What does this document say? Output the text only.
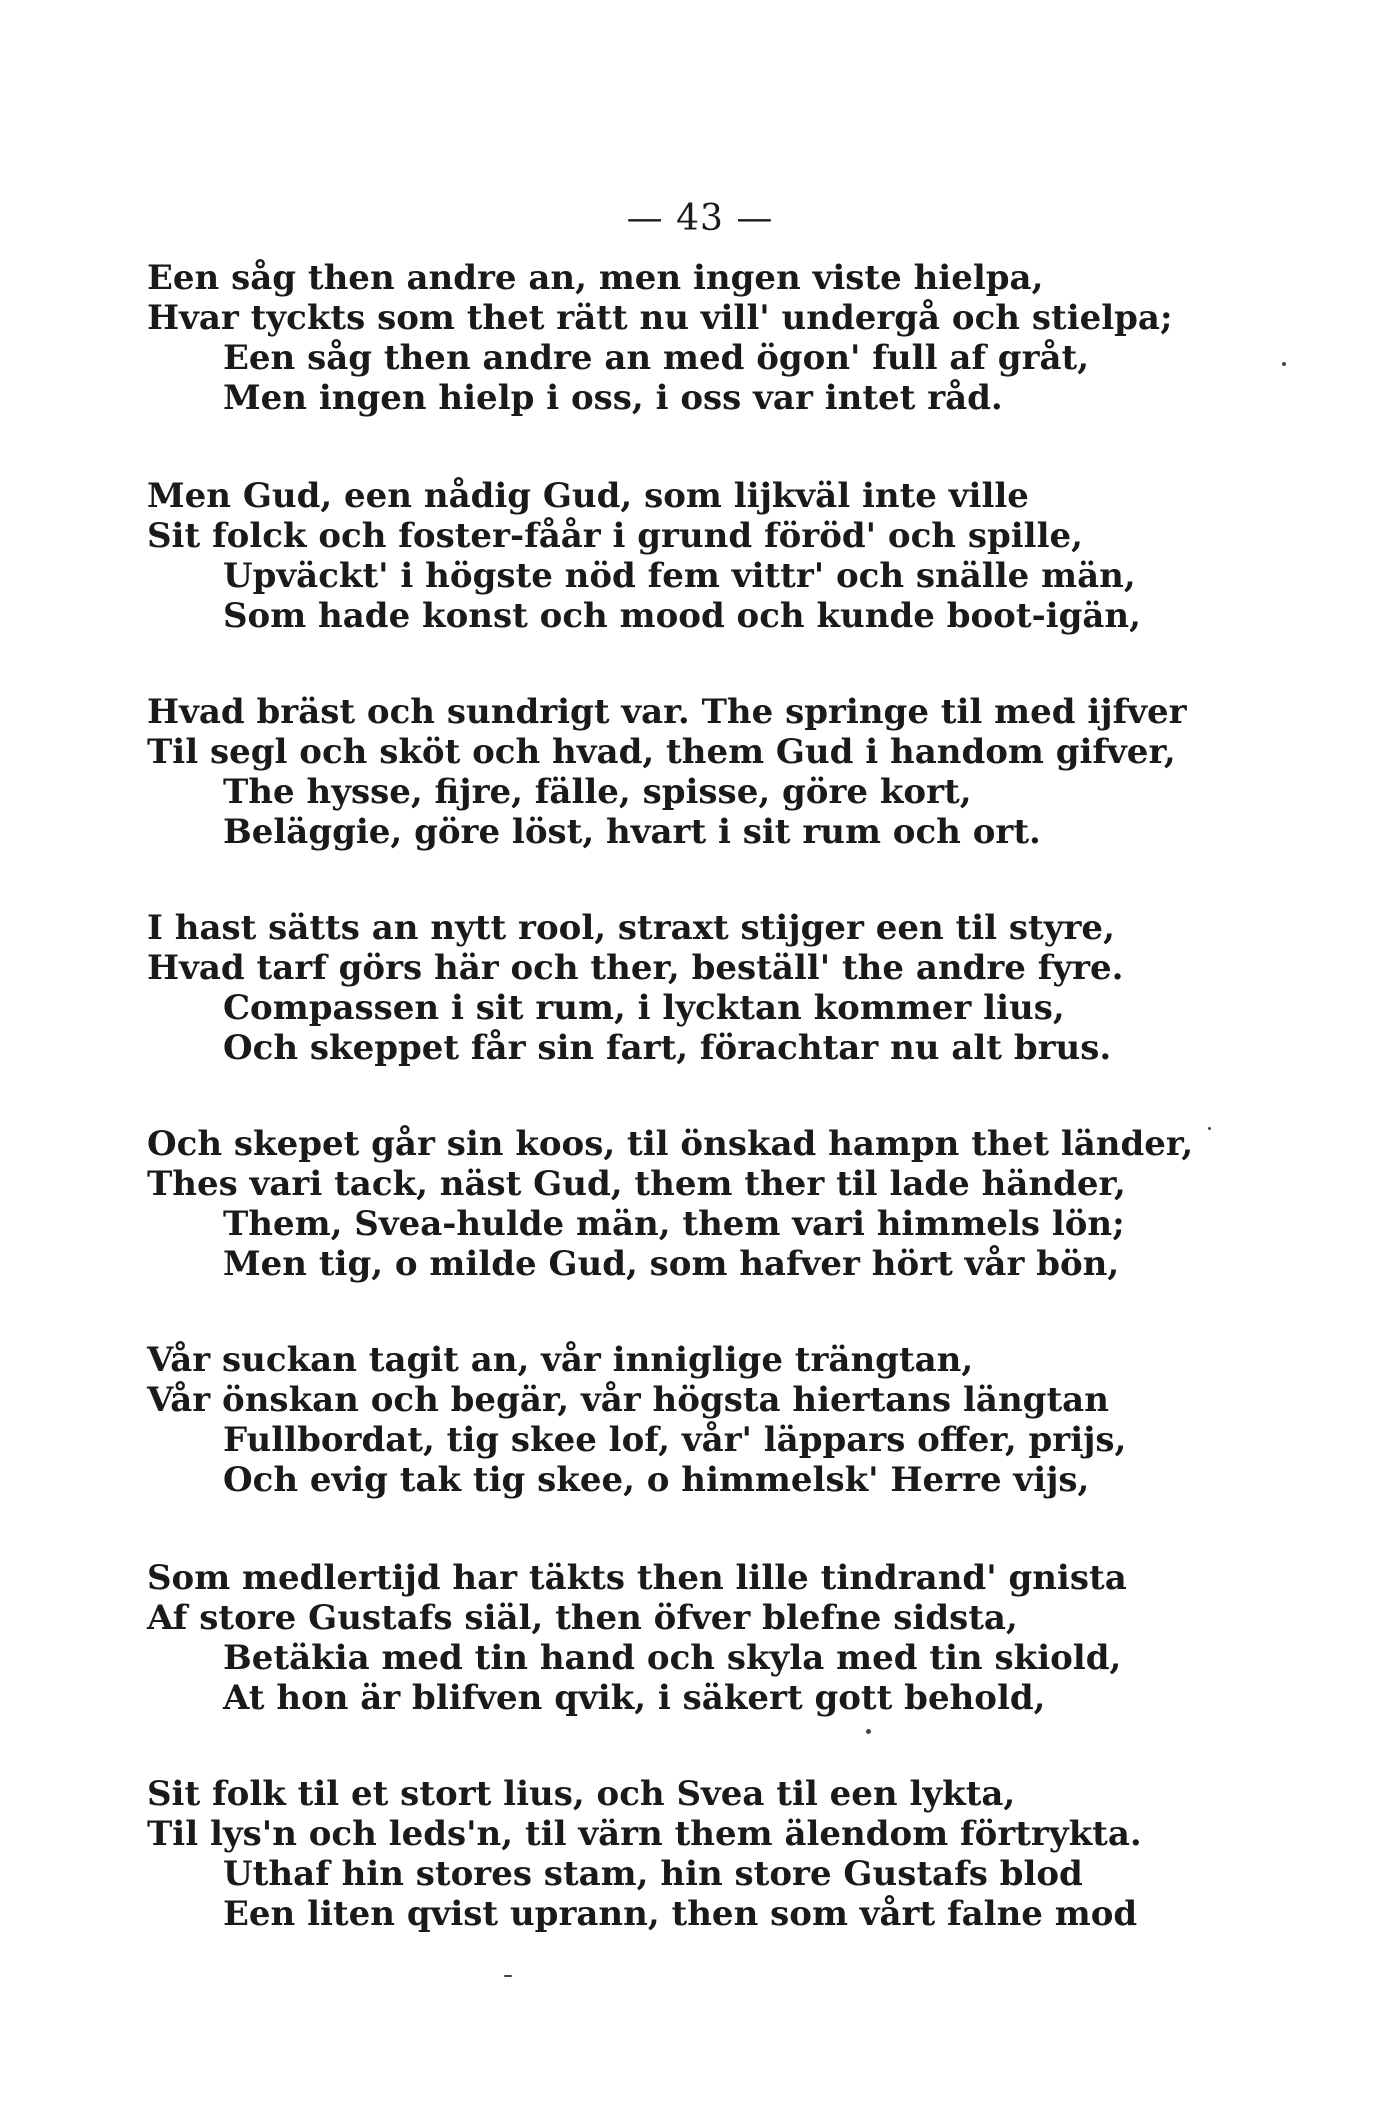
— 43 —
Een såg then andre an, men ingen viste hielpa,
Hvar tyckts som thet rätt nu vill' undergå och stielpa;
Een såg then andre an med ögon' full af gråt,
Men ingen hielp i oss, i oss var intet råd.
Men Gud, een nådig Gud, som lijkväl inte ville
Sit folck och foster-fåår i grund föröd' och spille,
Upväckt' i högste nöd fem vittr' och snälle män,
Som hade konst och mood och kunde boot-igän,
Hvad bräst och sundrigt var. The springe til med ijfver
Til segl och sköt och hvad, them Gud i handom gifver,
The hysse, fijre, fälle, spisse, göre kort,
Beläggie, göre löst, hvart i sit rum och ort.
I hast sätts an nytt rool, straxt stijger een til styre,
Hvad tarf görs här och ther, beställ' the andre fyre.
Compassen i sit rum, i lycktan kommer lius,
Och skeppet får sin fart, förachtar nu alt brus.
Och skepet går sin koos, til önskad hampn thet länder,
Thes vari tack, näst Gud, them ther til lade händer,
Them, Svea-hulde män, them vari himmels lön;
Men tig, o milde Gud, som hafver hört vår bön,
Vår suckan tagit an, vår inniglige trängtan,
Vår önskan och begär, vår högsta hiertans längtan
Fullbordat, tig skee lof, vår' läppars offer, prijs,
Och evig tak tig skee, o himmelsk' Herre vijs,
Som medlertijd har täkts then lille tindrand' gnista
Af store Gustafs siäl, then öfver blefne sidsta,
Betäkia med tin hand och skyla med tin skiold,
At hon är blifven qvik, i säkert gott behold,
Sit folk til et stort lius, och Svea til een lykta,
Til lys'n och leds'n, til värn them älendom förtrykta.
Uthaf hin stores stam, hin store Gustafs blod
Een liten qvist uprann, then som vårt falne mod
